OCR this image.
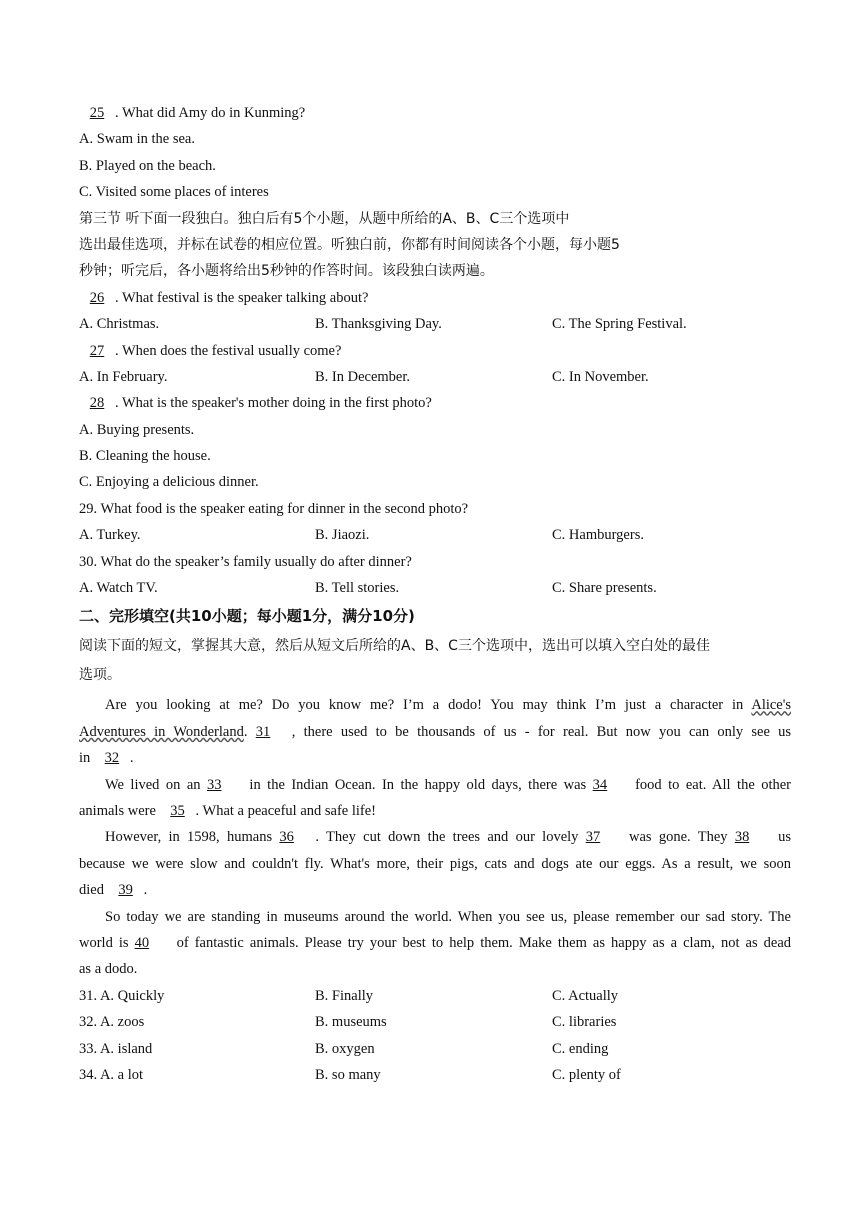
25 . What did Amy do in Kunming?
A. Swam in the sea.
B. Played on the beach.
C. Visited some places of interes
第三节 听下面一段独白。独白后有5个小题，从题中所给的A、B、C三个选项中
选出最佳选项，并标在试卷的相应位置。听独白前，你都有时间阅读各个小题，每小题5
秒钟；听完后，各小题将给出5秒钟的作答时间。该段独白读两遍。
26 . What festival is the speaker talking about?
A. Christmas.	B. Thanksgiving Day.	C. The Spring Festival.
27 . When does the festival usually come?
A. In February.	B. In December.	C. In November.
28 . What is the speaker's mother doing in the first photo?
A. Buying presents.
B. Cleaning the house.
C. Enjoying a delicious dinner.
29. What food is the speaker eating for dinner in the second photo?
A. Turkey.	B. Jiaozi.	C. Hamburgers.
30. What do the speaker’s family usually do after dinner?
A. Watch TV.	B. Tell stories.	C. Share presents.
二、完形填空(共10小题；每小题1分，满分10分)
阅读下面的短文，掌握其大意，然后从短文后所给的A、B、C三个选项中，选出可以填入空白处的最佳
选项。
Are you looking at me? Do you know me? I’m a dodo! You may think I’m just a character in Alice's
Adventures in Wonderland. 31 , there used to be thousands of us - for real. But now you can only see us
in 32 .
We lived on an 33 in the Indian Ocean. In the happy old days, there was 34 food to eat. All the other
animals were 35 . What a peaceful and safe life!
However, in 1598, humans 36 . They cut down the trees and our lovely 37 was gone. They 38 us
because we were slow and couldn't fly. What's more, their pigs, cats and dogs ate our eggs. As a result, we soon
died 39 .
So today we are standing in museums around the world. When you see us, please remember our sad story. The
world is 40 of fantastic animals. Please try your best to help them. Make them as happy as a clam, not as dead
as a dodo.
31. A. Quickly	B. Finally	C. Actually
32. A. zoos	B. museums	C. libraries
33. A. island	B. oxygen	C. ending
34. A. a lot	B. so many	C. plenty of
